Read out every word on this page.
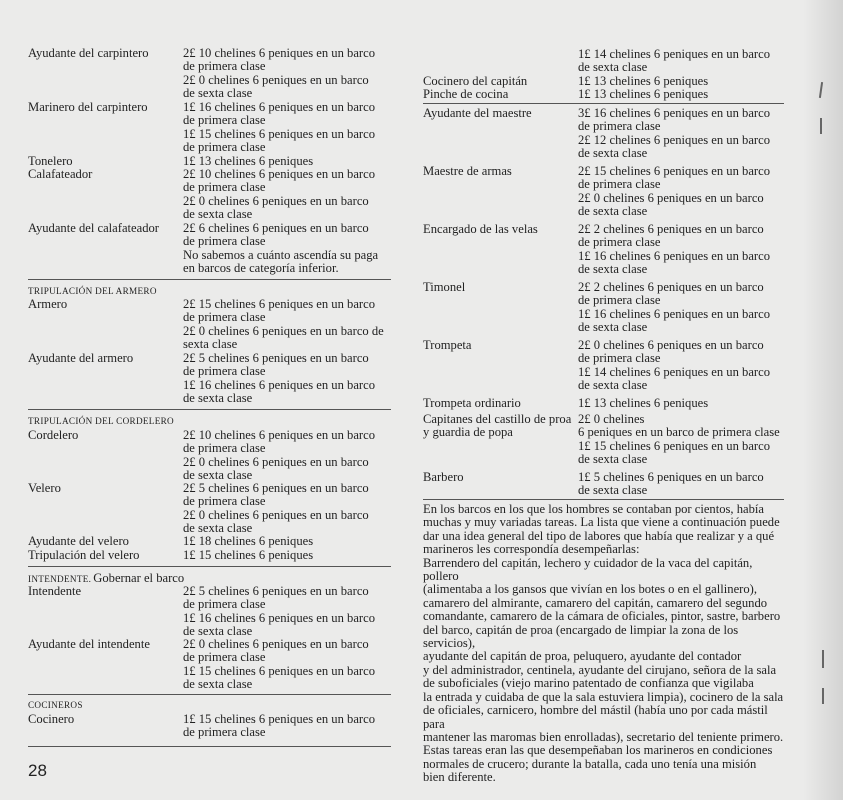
Ayudante del carpintero	2£ 10 chelines 6 peniques en un barco
de primera clase
2£ 0 chelines 6 peniques en un barco
de sexta clase
Marinero del carpintero	1£ 16 chelines 6 peniques en un barco
de primera clase
1£ 15 chelines 6 peniques en un barco
de primera clase
Tonelero	1£ 13 chelines 6 peniques
Calafateador	2£ 10 chelines 6 peniques en un barco
de primera clase
2£ 0 chelines 6 peniques en un barco
de sexta clase
Ayudante del calafateador 2£ 6 chelines 6 peniques en un barco
de primera clase
No sabemos a cuánto ascendía su paga
en barcos de categoría inferior.
TRIPULACIÓN DEL ARMERO
Armero	2£ 15 chelines 6 peniques en un barco
de primera clase
2£ 0 chelines 6 peniques en un barco de
sexta clase
Ayudante del armero	2£ 5 chelines 6 peniques en un barco
de primera clase
1£ 16 chelines 6 peniques en un barco
de sexta clase
TRIPULACIÓN DEL CORDELERO
Cordelero	2£ 10 chelines 6 peniques en un barco
de primera clase
2£ 0 chelines 6 peniques en un barco
de sexta clase
Velero	2£ 5 chelines 6 peniques en un barco
de primera clase
2£ 0 chelines 6 peniques en un barco
de sexta clase
Ayudante del velero	1£ 18 chelines 6 peniques
Tripulación del velero	1£ 15 chelines 6 peniques
INTENDENTE. Gobernar el barco
Intendente	2£ 5 chelines 6 peniques en un barco
de primera clase
1£ 16 chelines 6 peniques en un barco
de sexta clase
Ayudante del intendente	2£ 0 chelines 6 peniques en un barco
de primera clase
1£ 15 chelines 6 peniques en un barco
de sexta clase
COCINEROS
Cocinero	1£ 15 chelines 6 peniques en un barco
de primera clase
1£ 14 chelines 6 peniques en un barco
de sexta clase
Cocinero del capitán	1£ 13 chelines 6 peniques
Pinche de cocina	1£ 13 chelines 6 peniques
Ayudante del maestre	3£ 16 chelines 6 peniques en un barco
de primera clase
2£ 12 chelines 6 peniques en un barco
de sexta clase
Maestre de armas	2£ 15 chelines 6 peniques en un barco
de primera clase
2£ 0 chelines 6 peniques en un barco
de sexta clase
Encargado de las velas	2£ 2 chelines 6 peniques en un barco
de primera clase
1£ 16 chelines 6 peniques en un barco
de sexta clase
Timonel	2£ 2 chelines 6 peniques en un barco
de primera clase
1£ 16 chelines 6 peniques en un barco
de sexta clase
Trompeta	2£ 0 chelines 6 peniques en un barco
de primera clase
1£ 14 chelines 6 peniques en un barco
de sexta clase
Trompeta ordinario	1£ 13 chelines 6 peniques
Capitanes del castillo de proa
y guardia de popa
2£ 0 chelines
6 peniques en un barco de primera clase
1£ 15 chelines 6 peniques en un barco
de sexta clase
Barbero	1£ 5 chelines 6 peniques en un barco
de sexta clase
En los barcos en los que los hombres se contaban por cientos, había
muchas y muy variadas tareas. La lista que viene a continuación puede
dar una idea general del tipo de labores que había que realizar y a qué
marineros les correspondía desempeñarlas:
Barrendero del capitán, lechero y cuidador de la vaca del capitán, pollero
(alimentaba a los gansos que vivían en los botes o en el gallinero),
camarero del almirante, camarero del capitán, camarero del segundo
comandante, camarero de la cámara de oficiales, pintor, sastre, barbero
del barco, capitán de proa (encargado de limpiar la zona de los servicios),
ayudante del capitán de proa, peluquero, ayudante del contador
y del administrador, centinela, ayudante del cirujano, señora de la sala
de suboficiales (viejo marino patentado de confianza que vigilaba
la entrada y cuidaba de que la sala estuviera limpia), cocinero de la sala
de oficiales, carnicero, hombre del mástil (había uno por cada mástil para
mantener las maromas bien enrolladas), secretario del teniente primero.
Estas tareas eran las que desempeñaban los marineros en condiciones
normales de crucero; durante la batalla, cada uno tenía una misión
bien diferente.
28
